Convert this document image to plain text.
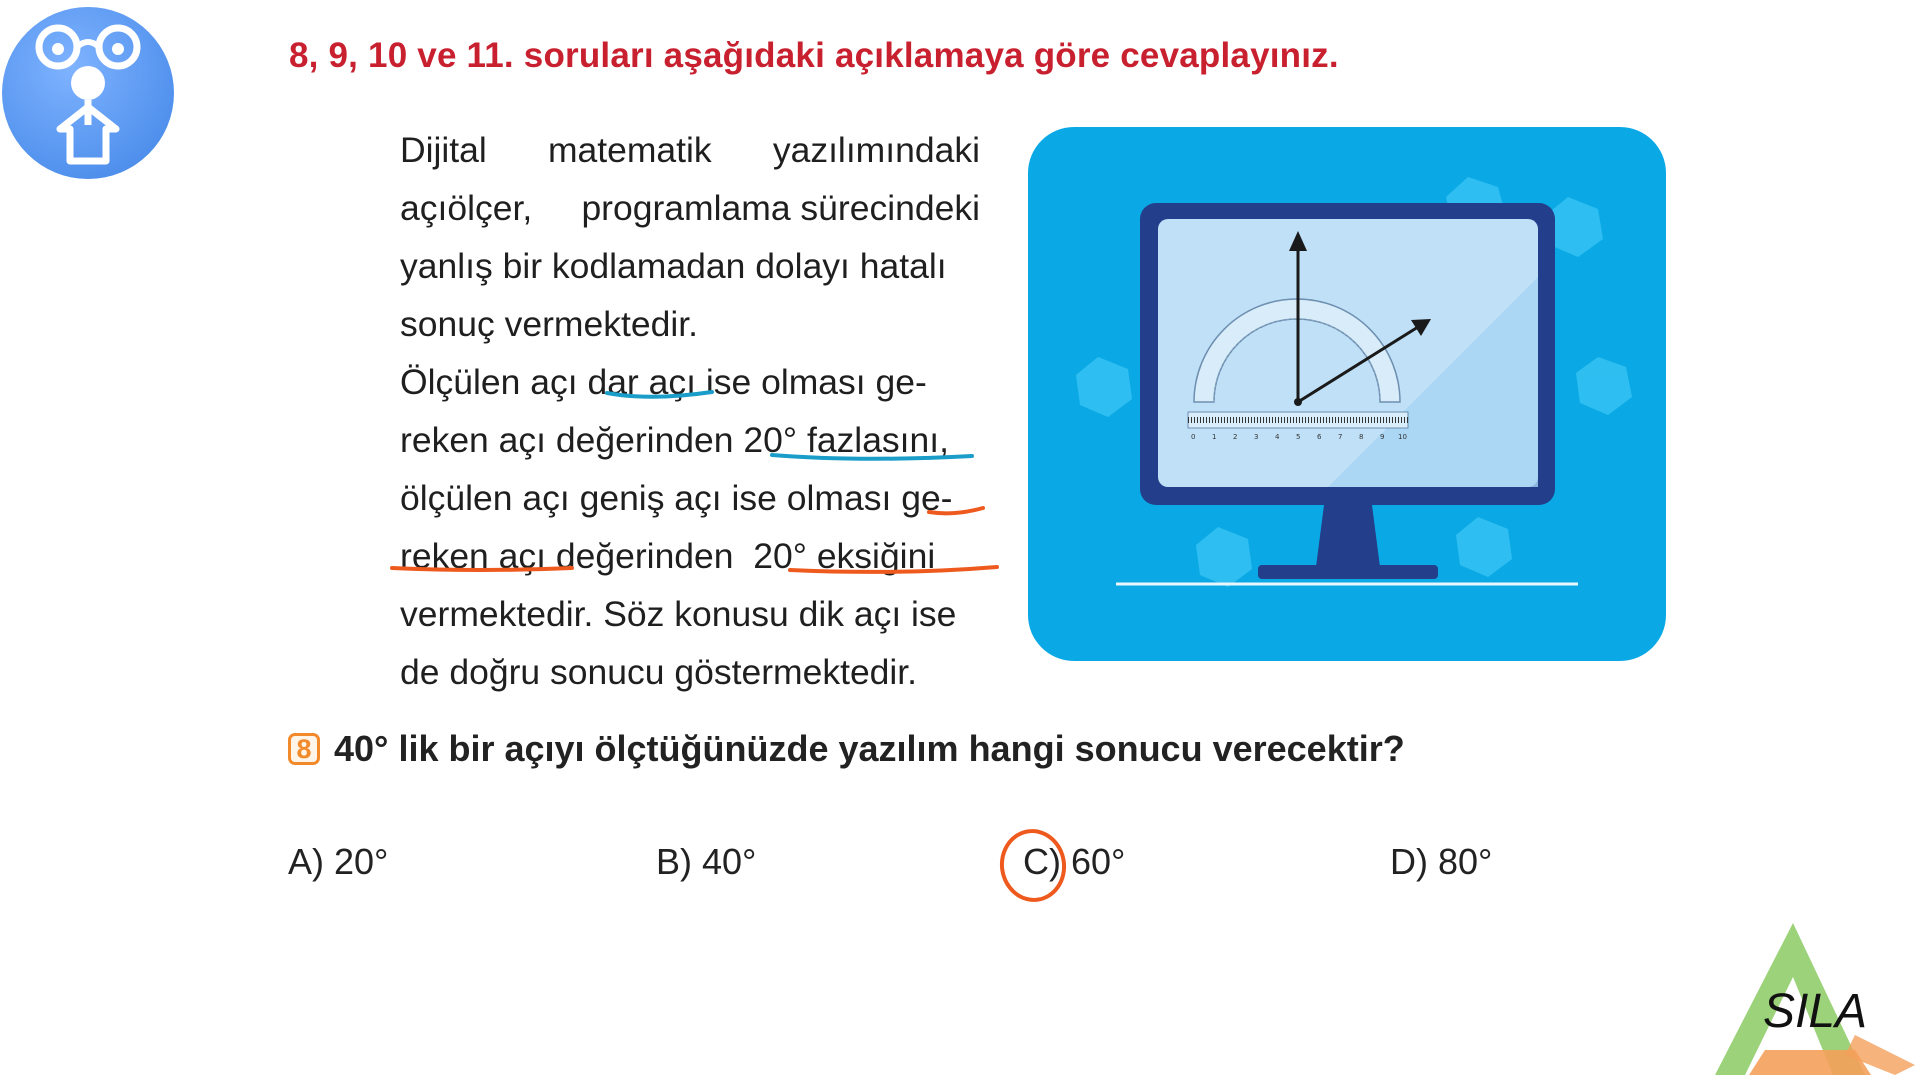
8, 9, 10 ve 11. soruları aşağıdaki açıklamaya göre cevaplayınız.
Dijital matematik yazılımındaki
açıölçer, programlama sürecindeki
yanlış bir kodlamadan dolayı hatalı
sonuç vermektedir.
Ölçülen açı dar açı ise olması ge-
reken açı değerinden 20° fazlasını,
ölçülen açı geniş açı ise olması ge-
reken açı değerinden  20° eksiğini
vermektedir. Söz konusu dik açı ise
de doğru sonucu göstermektedir.
0 1 2 3 4 5 6 7 8 9 10
8 40° lik bir açıyı ölçtüğünüzde yazılım hangi sonucu verecektir?
A) 20°	B) 40°	C) 60°	D) 80°
SILA
